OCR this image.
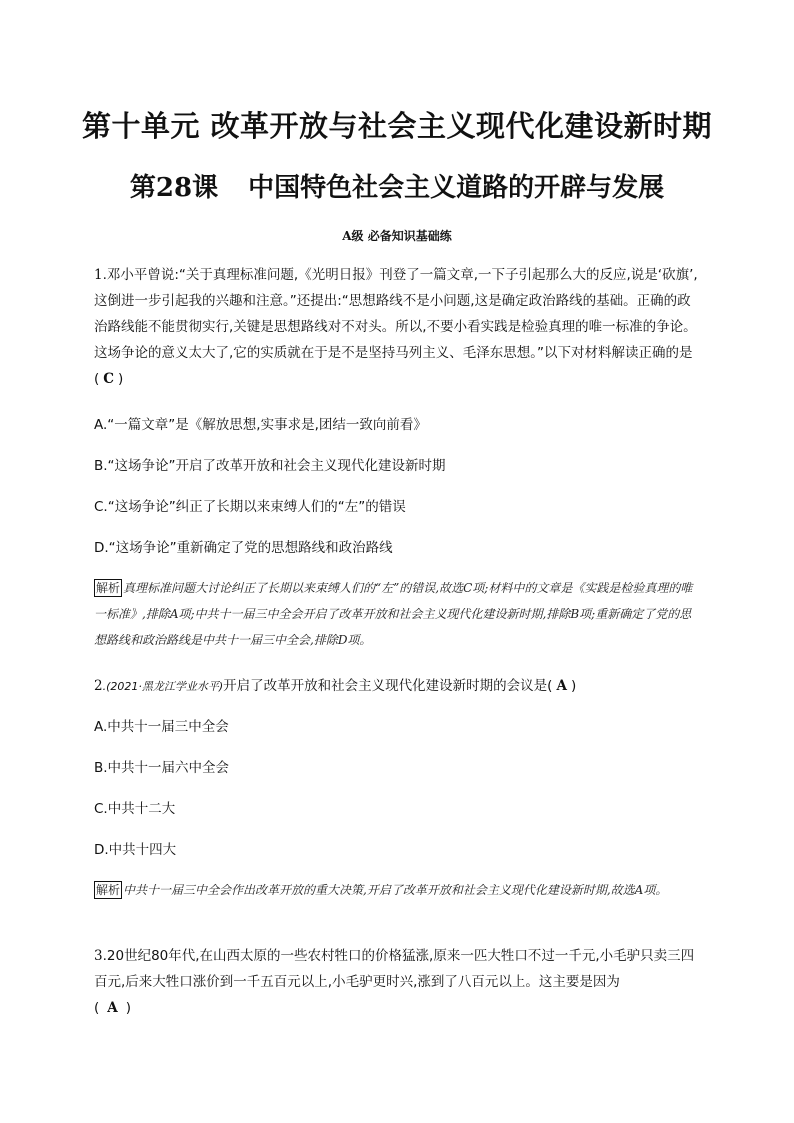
第十单元 改革开放与社会主义现代化建设新时期
第28课 中国特色社会主义道路的开辟与发展
A级 必备知识基础练
1.邓小平曾说:“关于真理标准问题,《光明日报》刊登了一篇文章,一下子引起那么大的反应,说是‘砍旗’,这倒进一步引起我的兴趣和注意。”还提出:“思想路线不是小问题,这是确定政治路线的基础。正确的政治路线能不能贯彻实行,关键是思想路线对不对头。所以,不要小看实践是检验真理的唯一标准的争论。这场争论的意义太大了,它的实质就在于是不是坚持马列主义、毛泽东思想。”以下对材料解读正确的是( C )
A.“一篇文章”是《解放思想,实事求是,团结一致向前看》
B.“这场争论”开启了改革开放和社会主义现代化建设新时期
C.“这场争论”纠正了长期以来束缚人们的“左”的错误
D.“这场争论”重新确定了党的思想路线和政治路线
解析 真理标准问题大讨论纠正了长期以来束缚人们的“左”的错误,故选C项;材料中的文章是《实践是检验真理的唯一标准》,排除A项;中共十一届三中全会开启了改革开放和社会主义现代化建设新时期,排除B项;重新确定了党的思想路线和政治路线是中共十一届三中全会,排除D项。
2.(2021·黑龙江学业水平)开启了改革开放和社会主义现代化建设新时期的会议是( A )
A.中共十一届三中全会
B.中共十一届六中全会
C.中共十二大
D.中共十四大
解析 中共十一届三中全会作出改革开放的重大决策,开启了改革开放和社会主义现代化建设新时期,故选A项。
3.20世纪80年代,在山西太原的一些农村牲口的价格猛涨,原来一匹大牲口不过一千元,小毛驴只卖三四百元,后来大牲口涨价到一千五百元以上,小毛驴更时兴,涨到了八百元以上。这主要是因为
( A )
